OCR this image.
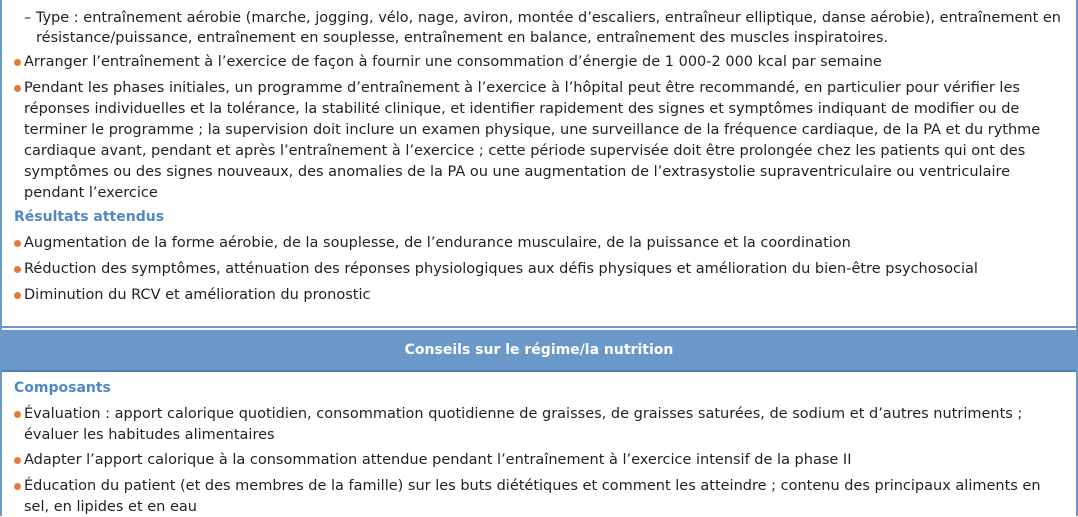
– Type : entraînement aérobie (marche, jogging, vélo, nage, aviron, montée d’escaliers, entraîneur elliptique, danse aérobie), entraînement en
résistance/puissance, entraînement en souplesse, entraînement en balance, entraînement des muscles inspiratoires.
Arranger l’entraînement à l’exercice de façon à fournir une consommation d’énergie de 1 000-2 000 kcal par semaine
Pendant les phases initiales, un programme d’entraînement à l’exercice à l’hôpital peut être recommandé, en particulier pour vérifier les
réponses individuelles et la tolérance, la stabilité clinique, et identifier rapidement des signes et symptômes indiquant de modifier ou de
terminer le programme ; la supervision doit inclure un examen physique, une surveillance de la fréquence cardiaque, de la PA et du rythme
cardiaque avant, pendant et après l’entraînement à l’exercice ; cette période supervisée doit être prolongée chez les patients qui ont des
symptômes ou des signes nouveaux, des anomalies de la PA ou une augmentation de l’extrasystolie supraventriculaire ou ventriculaire
pendant l’exercice
Résultats attendus
Augmentation de la forme aérobie, de la souplesse, de l’endurance musculaire, de la puissance et la coordination
Réduction des symptômes, atténuation des réponses physiologiques aux défis physiques et amélioration du bien-être psychosocial
Diminution du RCV et amélioration du pronostic
Conseils sur le régime/la nutrition
Composants
Évaluation : apport calorique quotidien, consommation quotidienne de graisses, de graisses saturées, de sodium et d’autres nutriments ;
évaluer les habitudes alimentaires
Adapter l’apport calorique à la consommation attendue pendant l’entraînement à l’exercice intensif de la phase II
Éducation du patient (et des membres de la famille) sur les buts diététiques et comment les atteindre ; contenu des principaux aliments en
sel, en lipides et en eau
